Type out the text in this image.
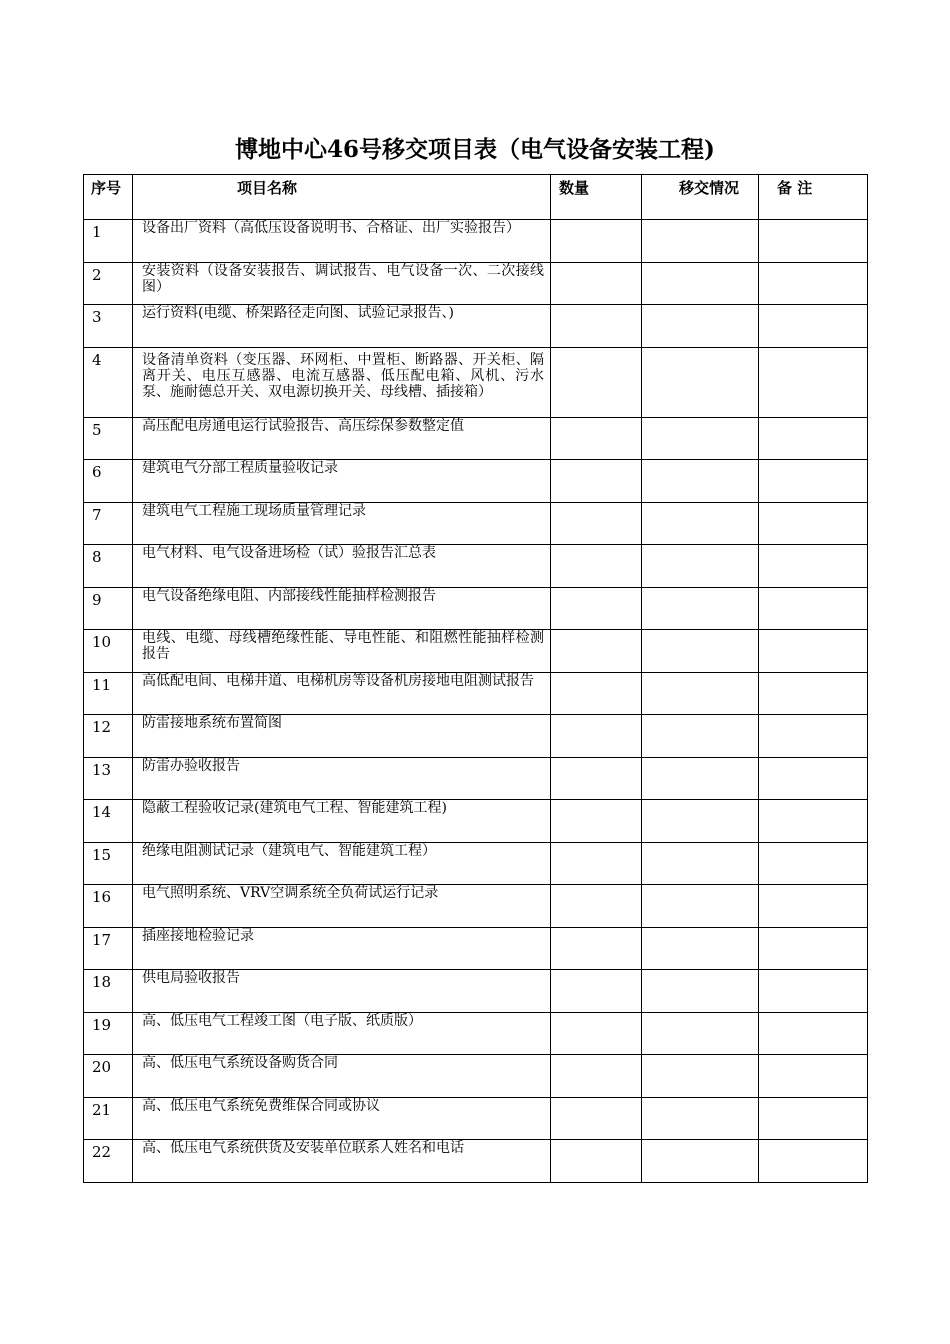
博地中心46号移交项目表（电气设备安装工程)
序号	项目名称	数量	移交情况	备 注
1	设备出厂资料（高低压设备说明书、合格证、出厂实验报告）			
2	安装资料（设备安装报告、调试报告、电气设备一次、二次接线图）			
3	运行资料(电缆、桥架路径走向图、试验记录报告、)			
4	设备清单资料（变压器、环网柜、中置柜、断路器、开关柜、隔离开关、电压互感器、电流互感器、低压配电箱、风机、污水泵、施耐德总开关、双电源切换开关、母线槽、插接箱）			
5	高压配电房通电运行试验报告、高压综保参数整定值			
6	建筑电气分部工程质量验收记录			
7	建筑电气工程施工现场质量管理记录			
8	电气材料、电气设备进场检（试）验报告汇总表			
9	电气设备绝缘电阻、内部接线性能抽样检测报告			
10	电线、电缆、母线槽绝缘性能、导电性能、和阻燃性能抽样检测报告			
11	高低配电间、电梯井道、电梯机房等设备机房接地电阻测试报告			
12	防雷接地系统布置简图			
13	防雷办验收报告			
14	隐蔽工程验收记录(建筑电气工程、智能建筑工程)			
15	绝缘电阻测试记录（建筑电气、智能建筑工程）			
16	电气照明系统、VRV空调系统全负荷试运行记录			
17	插座接地检验记录			
18	供电局验收报告			
19	高、低压电气工程竣工图（电子版、纸质版）			
20	高、低压电气系统设备购货合同			
21	高、低压电气系统免费维保合同或协议			
22	高、低压电气系统供货及安装单位联系人姓名和电话			
